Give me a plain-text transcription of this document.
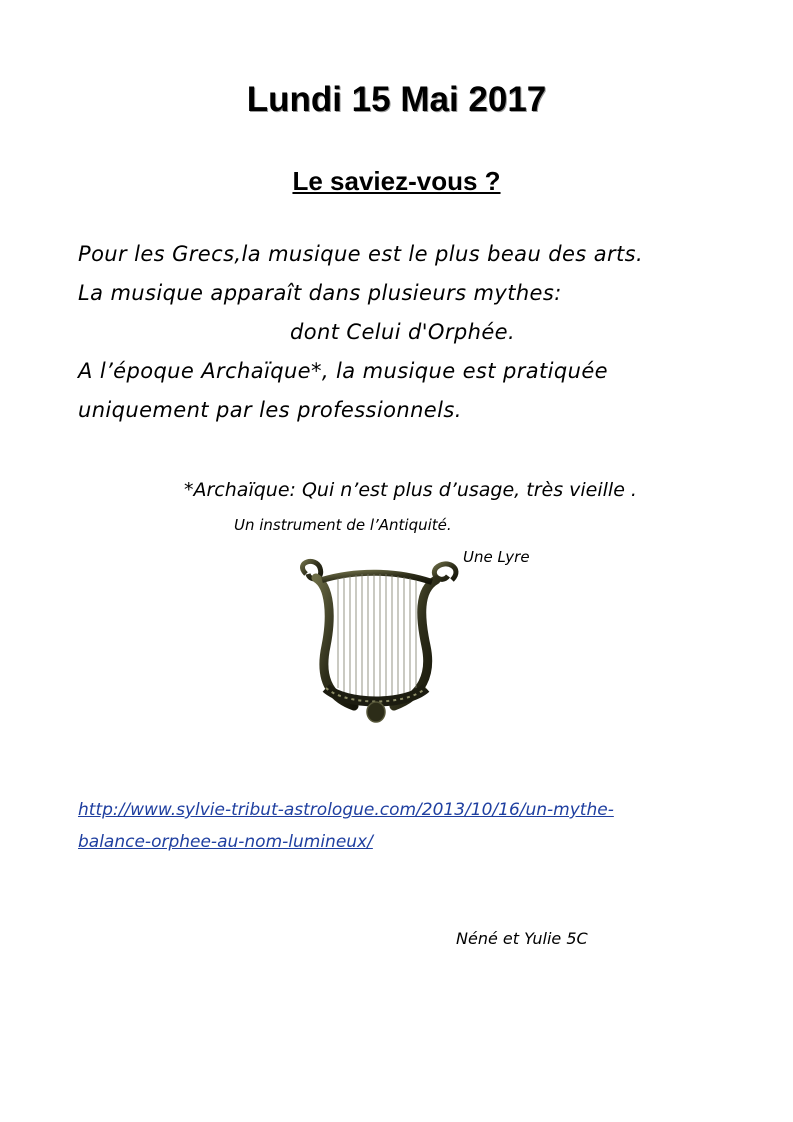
Lundi 15 Mai 2017
Le saviez-vous ?
Pour les Grecs,la musique est le plus beau des arts.
La musique apparaît dans plusieurs mythes:
dont Celui d'Orphée.
A l’époque Archaïque*, la musique est pratiquée
uniquement par les professionnels.
*Archaïque: Qui n’est plus d’usage, très vieille .
Un instrument de l’Antiquité.
Une Lyre
http://www.sylvie-tribut-astrologue.com/2013/10/16/un-mythe-
balance-orphee-au-nom-lumineux/
Néné et Yulie 5C
